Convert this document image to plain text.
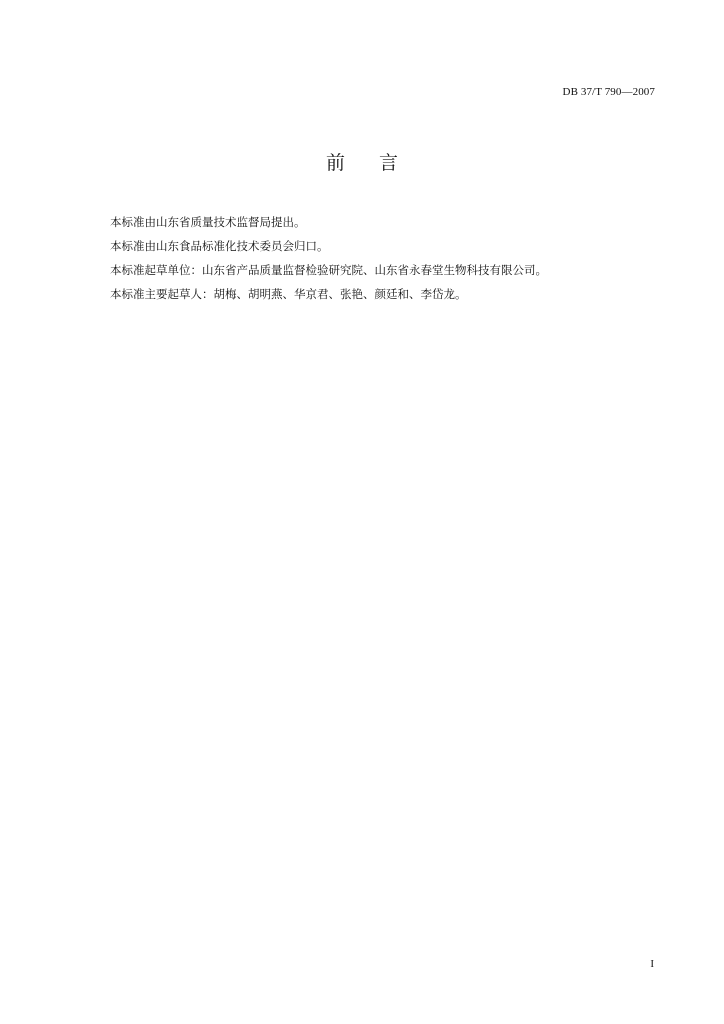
DB 37/T 790—2007
前 言

本标准由山东省质量技术监督局提出。

本标准由山东食品标准化技术委员会归口。

本标准起草单位：山东省产品质量监督检验研究院、山东省永春堂生物科技有限公司。

本标准主要起草人：胡梅、胡明燕、华京君、张艳、颜廷和、李岱龙。

I
